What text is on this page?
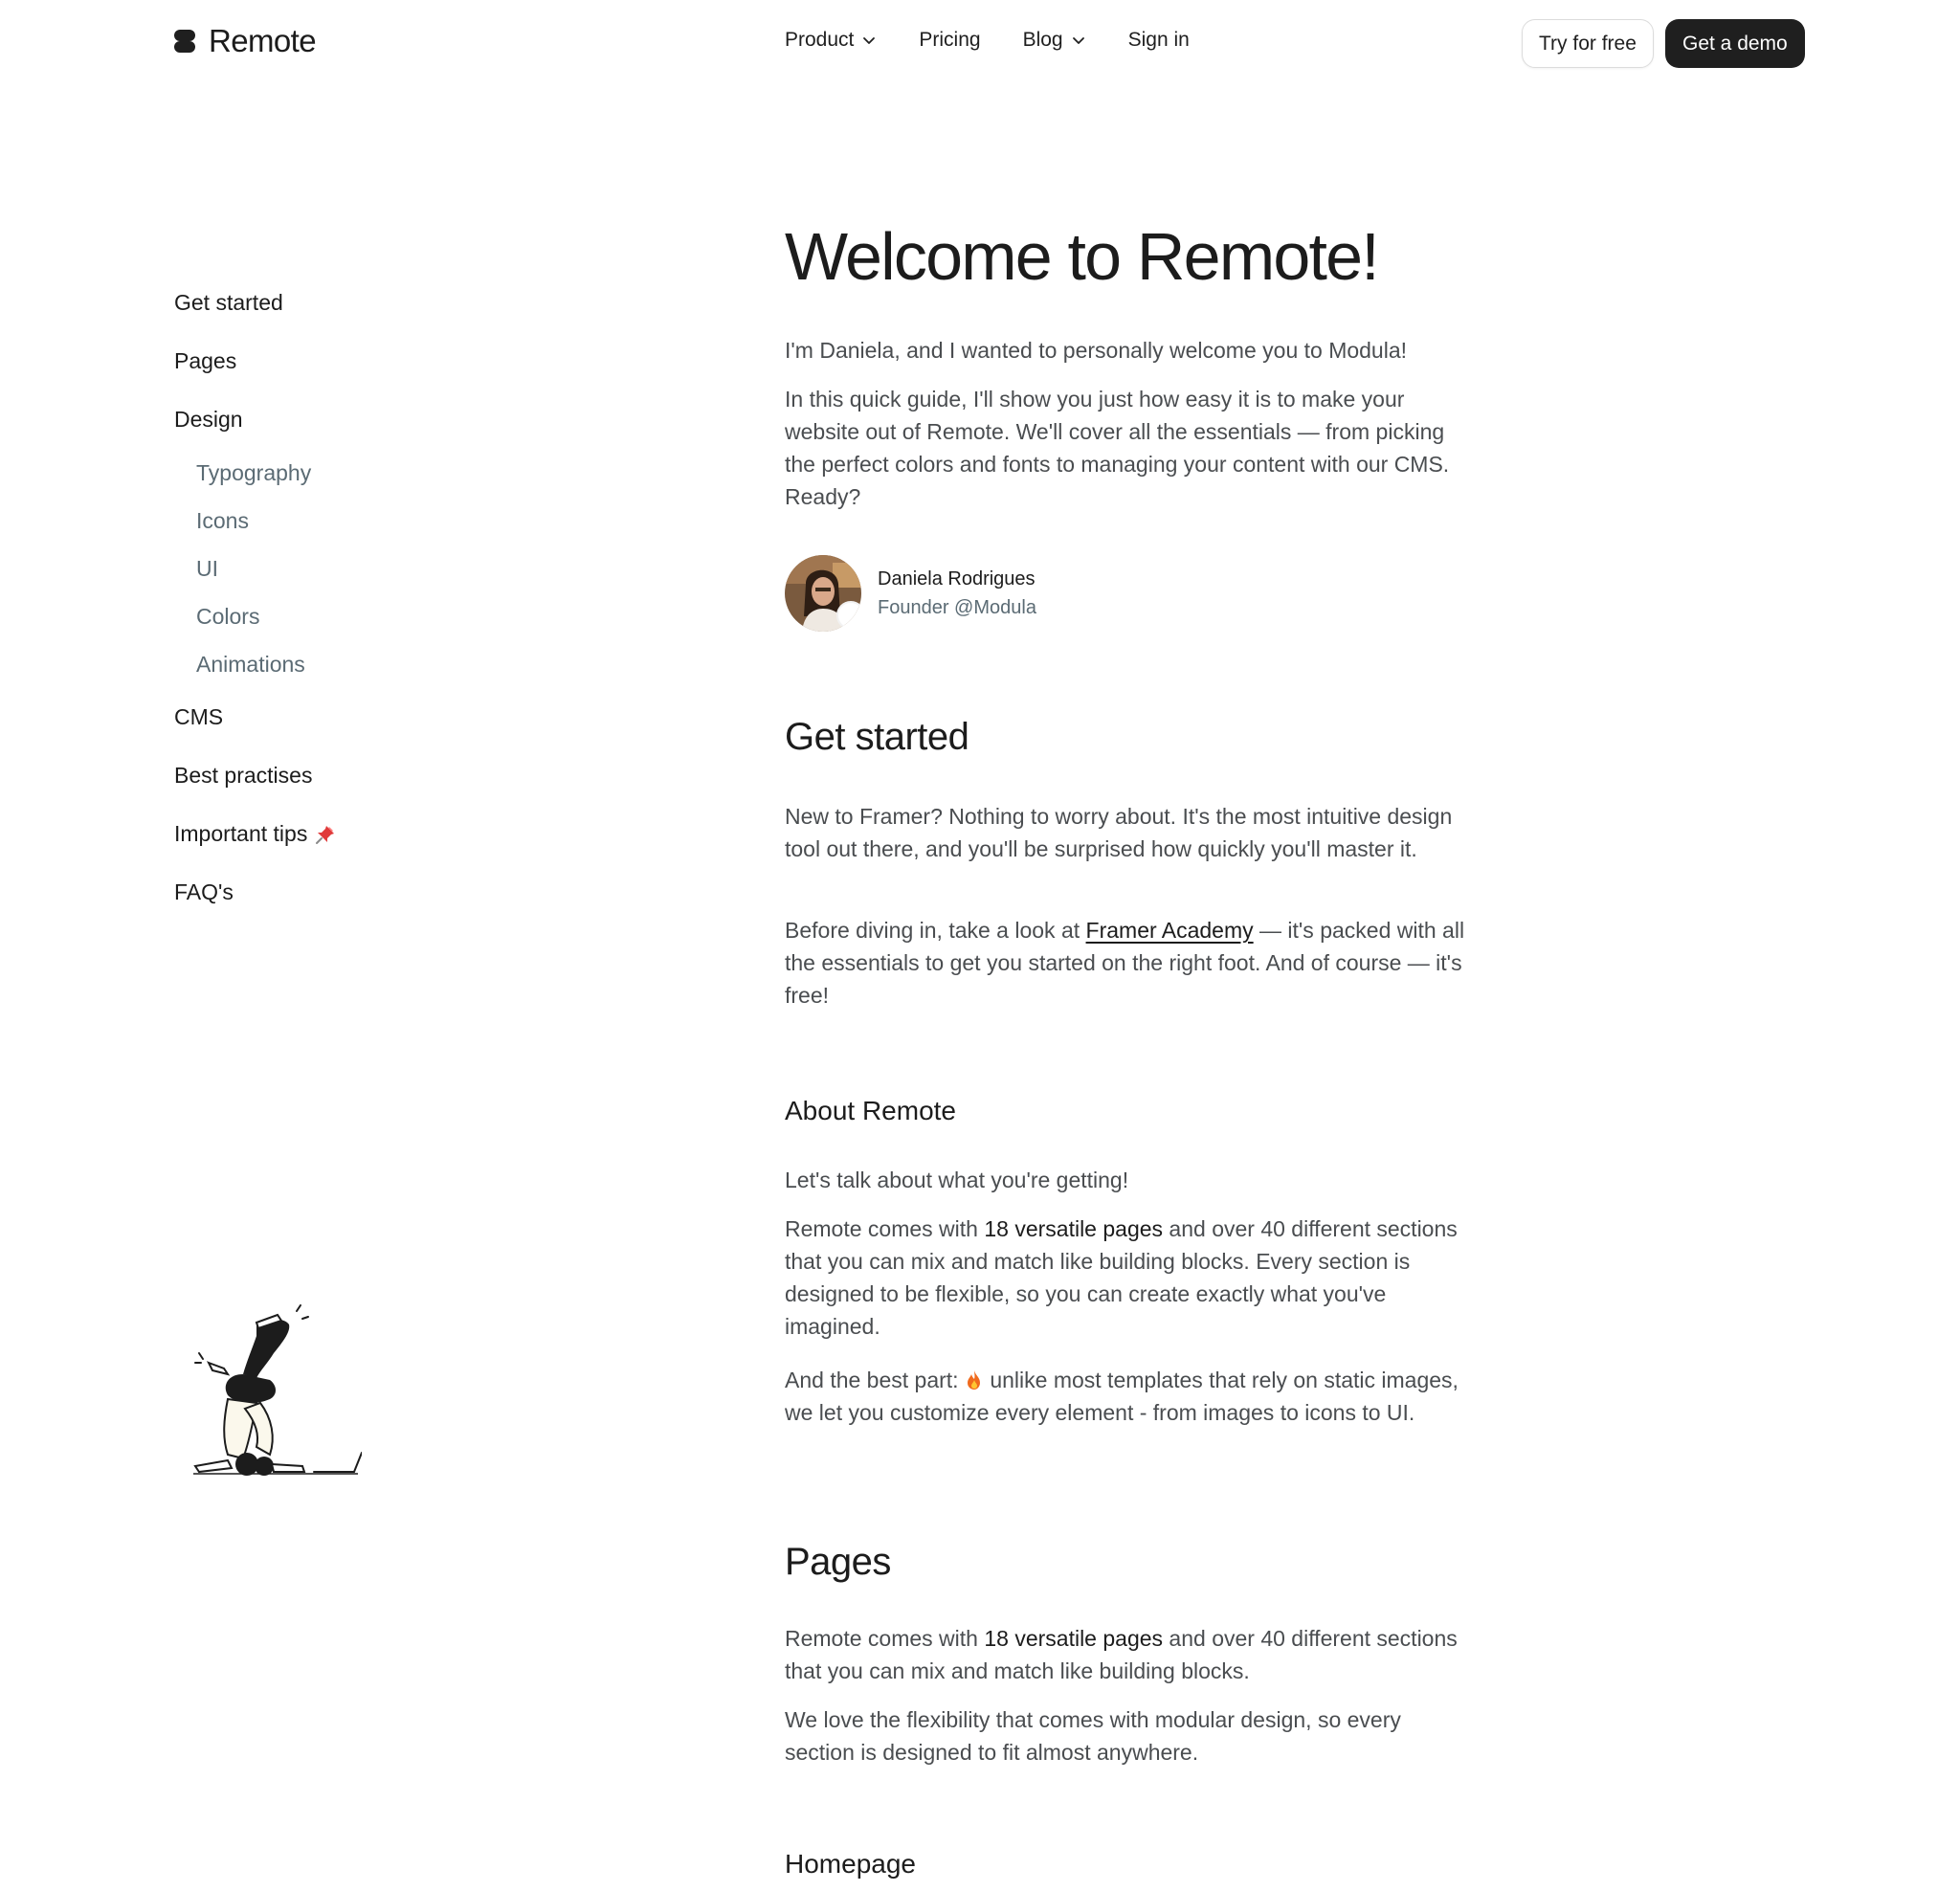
Remote	Product	Pricing Blog	Sign in	Try for free	Get a demo
Get started
Pages
Design
Typography
Icons
UI
Colors
Animations
CMS
Best practises
Important tips
FAQ's
Welcome to Remote!

I'm Daniela, and I wanted to personally welcome you to Modula!

In this quick guide, I'll show you just how easy it is to make your website out of Remote. We'll cover all the essentials — from picking the perfect colors and fonts to managing your content with our CMS. Ready?

Daniela Rodrigues
Founder @Modula
Get started

New to Framer? Nothing to worry about. It's the most intuitive design tool out there, and you'll be surprised how quickly you'll master it.

Before diving in, take a look at Framer Academy — it's packed with all the essentials to get you started on the right foot. And of course — it's free!

About Remote

Let's talk about what you're getting!

Remote comes with 18 versatile pages and over 40 different sections that you can mix and match like building blocks. Every section is designed to be flexible, so you can create exactly what you've imagined.

And the best part:  unlike most templates that rely on static images, we let you customize every element - from images to icons to UI.

Pages

Remote comes with 18 versatile pages and over 40 different sections that you can mix and match like building blocks.

We love the flexibility that comes with modular design, so every section is designed to fit almost anywhere.

Homepage
